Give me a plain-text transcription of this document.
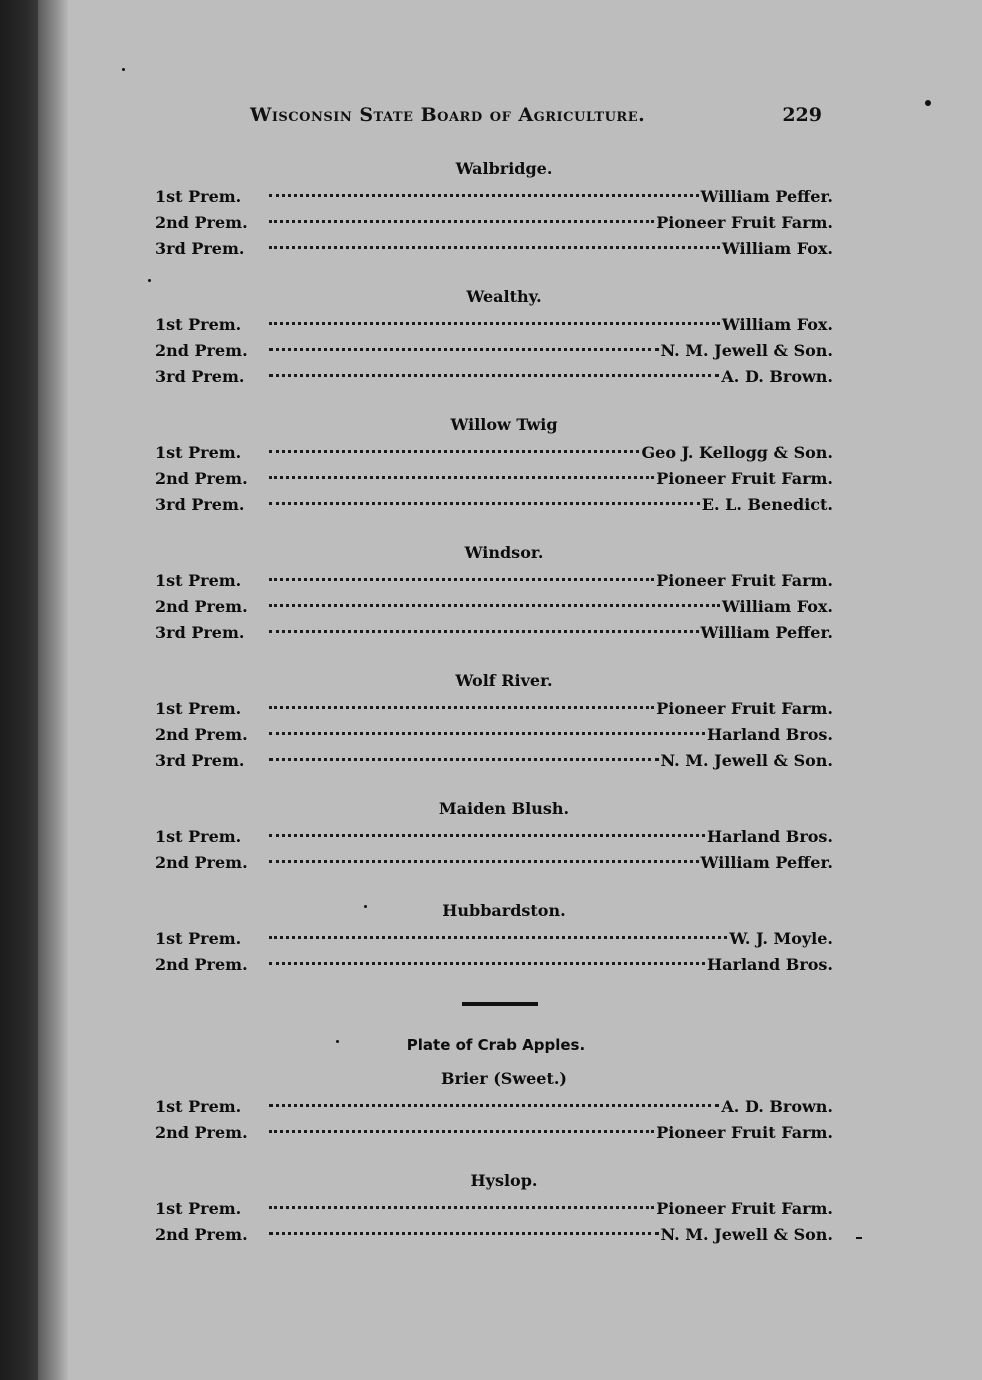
Wisconsin State Board of Agriculture.	229
Walbridge.
1st Prem.	William Peffer.
2nd Prem.	Pioneer Fruit Farm.
3rd Prem.	William Fox.
Wealthy.
1st Prem.	William Fox.
2nd Prem.	N. M. Jewell & Son.
3rd Prem.	A. D. Brown.
Willow Twig
1st Prem.	Geo J. Kellogg & Son.
2nd Prem.	Pioneer Fruit Farm.
3rd Prem.	E. L. Benedict.
Windsor.
1st Prem.	Pioneer Fruit Farm.
2nd Prem.	William Fox.
3rd Prem.	William Peffer.
Wolf River.
1st Prem.	Pioneer Fruit Farm.
2nd Prem.	Harland Bros.
3rd Prem.	N. M. Jewell & Son.
Maiden Blush.
1st Prem.	Harland Bros.
2nd Prem.	William Peffer.
Hubbardston.
1st Prem.	W. J. Moyle.
2nd Prem.	Harland Bros.
Plate of Crab Apples.
Brier (Sweet.)
1st Prem.	A. D. Brown.
2nd Prem.	Pioneer Fruit Farm.
Hyslop.
1st Prem.	Pioneer Fruit Farm.
2nd Prem.	N. M. Jewell & Son.
